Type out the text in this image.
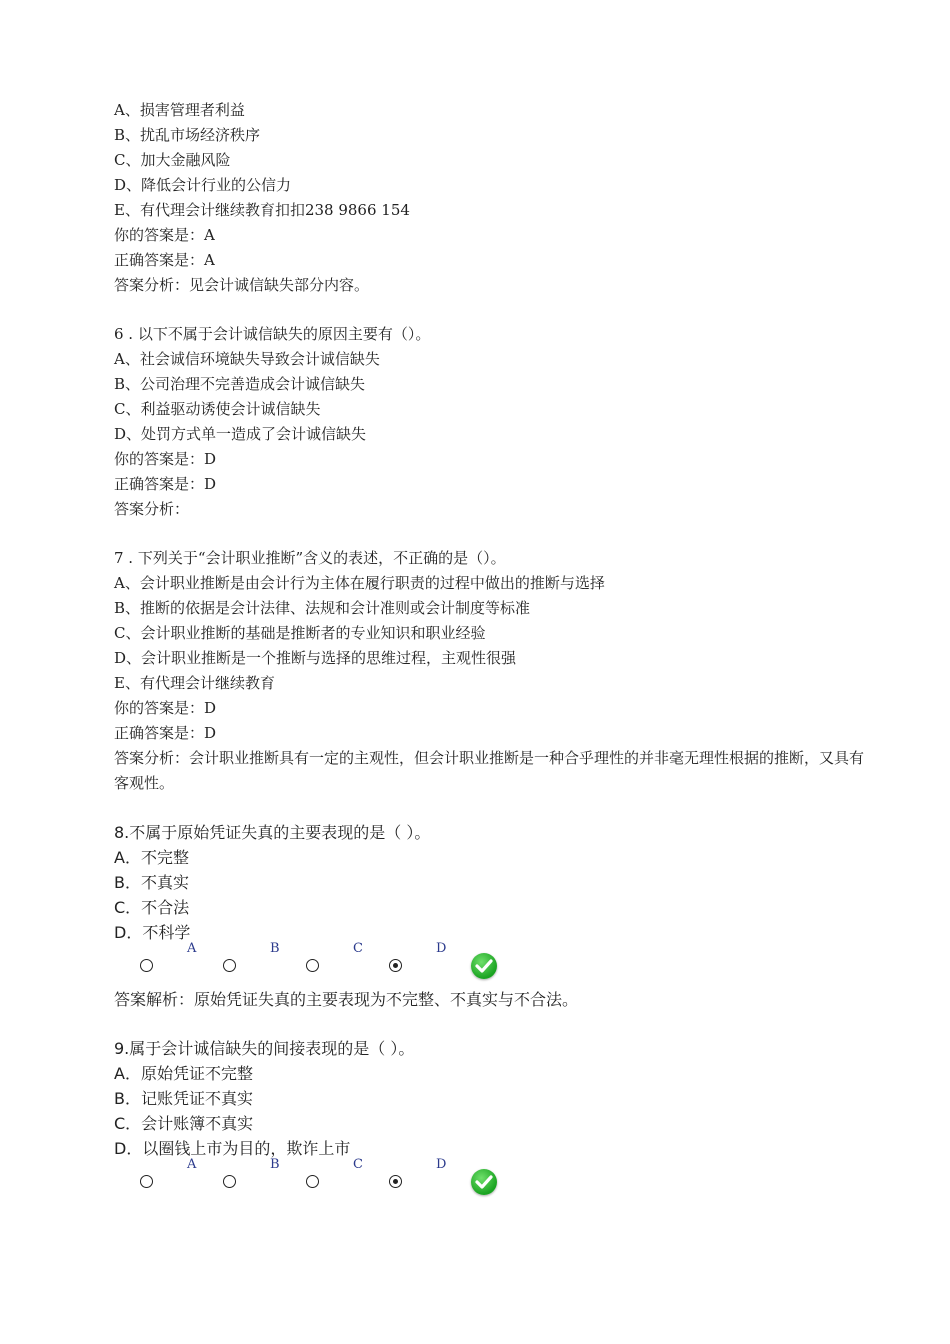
A、损害管理者利益
B、扰乱市场经济秩序
C、加大金融风险
D、降低会计行业的公信力
E、有代理会计继续教育扣扣238 9866 154
你的答案是：A
正确答案是：A
答案分析：见会计诚信缺失部分内容。
6 . 以下不属于会计诚信缺失的原因主要有（）。
A、社会诚信环境缺失导致会计诚信缺失
B、公司治理不完善造成会计诚信缺失
C、利益驱动诱使会计诚信缺失
D、处罚方式单一造成了会计诚信缺失
你的答案是：D
正确答案是：D
答案分析：
7 . 下列关于“会计职业推断”含义的表述，不正确的是（）。
A、会计职业推断是由会计行为主体在履行职责的过程中做出的推断与选择
B、推断的依据是会计法律、法规和会计准则或会计制度等标准
C、会计职业推断的基础是推断者的专业知识和职业经验
D、会计职业推断是一个推断与选择的思维过程，主观性很强
E、有代理会计继续教育
你的答案是：D
正确答案是：D
答案分析：会计职业推断具有一定的主观性，但会计职业推断是一种合乎理性的并非毫无理性根据的推断，又具有客观性。
8.不属于原始凭证失真的主要表现的是（ ）。
A．不完整
B．不真实
C．不合法
D．不科学
A	B	C	D
答案解析：原始凭证失真的主要表现为不完整、不真实与不合法。
9.属于会计诚信缺失的间接表现的是（ ）。
A．原始凭证不完整
B．记账凭证不真实
C．会计账簿不真实
D．以圈钱上市为目的，欺诈上市
A	B	C	D
